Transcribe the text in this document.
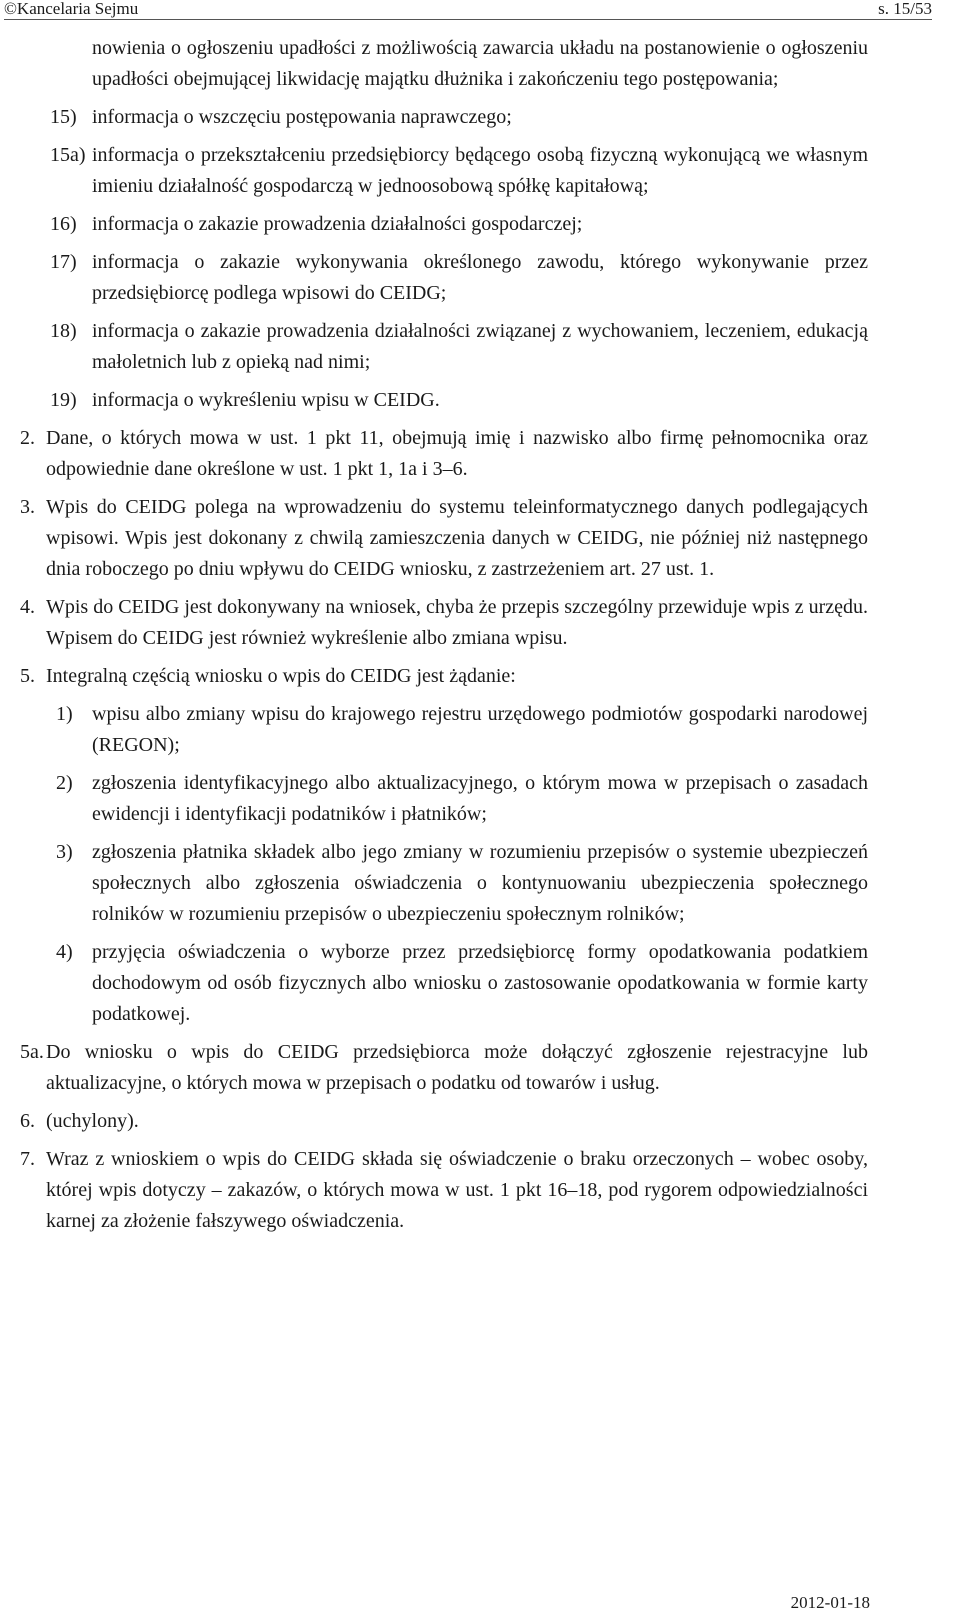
©Kancelaria Sejmu	s. 15/53
nowienia o ogłoszeniu upadłości z możliwością zawarcia układu na postanowienie o ogłoszeniu upadłości obejmującej likwidację majątku dłużnika i zakończeniu tego postępowania;
15) informacja o wszczęciu postępowania naprawczego;
15a) informacja o przekształceniu przedsiębiorcy będącego osobą fizyczną wykonującą we własnym imieniu działalność gospodarczą w jednoosobową spółkę kapitałową;
16) informacja o zakazie prowadzenia działalności gospodarczej;
17) informacja o zakazie wykonywania określonego zawodu, którego wykonywanie przez przedsiębiorcę podlega wpisowi do CEIDG;
18) informacja o zakazie prowadzenia działalności związanej z wychowaniem, leczeniem, edukacją małoletnich lub z opieką nad nimi;
19) informacja o wykreśleniu wpisu w CEIDG.
2. Dane, o których mowa w ust. 1 pkt 11, obejmują imię i nazwisko albo firmę pełnomocnika oraz odpowiednie dane określone w ust. 1 pkt 1, 1a i 3–6.
3. Wpis do CEIDG polega na wprowadzeniu do systemu teleinformatycznego danych podlegających wpisowi. Wpis jest dokonany z chwilą zamieszczenia danych w CEIDG, nie później niż następnego dnia roboczego po dniu wpływu do CEIDG wniosku, z zastrzeżeniem art. 27 ust. 1.
4. Wpis do CEIDG jest dokonywany na wniosek, chyba że przepis szczególny przewiduje wpis z urzędu. Wpisem do CEIDG jest również wykreślenie albo zmiana wpisu.
5. Integralną częścią wniosku o wpis do CEIDG jest żądanie:
1) wpisu albo zmiany wpisu do krajowego rejestru urzędowego podmiotów gospodarki narodowej (REGON);
2) zgłoszenia identyfikacyjnego albo aktualizacyjnego, o którym mowa w przepisach o zasadach ewidencji i identyfikacji podatników i płatników;
3) zgłoszenia płatnika składek albo jego zmiany w rozumieniu przepisów o systemie ubezpieczeń społecznych albo zgłoszenia oświadczenia o kontynuowaniu ubezpieczenia społecznego rolników w rozumieniu przepisów o ubezpieczeniu społecznym rolników;
4) przyjęcia oświadczenia o wyborze przez przedsiębiorcę formy opodatkowania podatkiem dochodowym od osób fizycznych albo wniosku o zastosowanie opodatkowania w formie karty podatkowej.
5a. Do wniosku o wpis do CEIDG przedsiębiorca może dołączyć zgłoszenie rejestracyjne lub aktualizacyjne, o których mowa w przepisach o podatku od towarów i usług.
6. (uchylony).
7. Wraz z wnioskiem o wpis do CEIDG składa się oświadczenie o braku orzeczonych – wobec osoby, której wpis dotyczy – zakazów, o których mowa w ust. 1 pkt 16–18, pod rygorem odpowiedzialności karnej za złożenie fałszywego oświadczenia.
2012-01-18
